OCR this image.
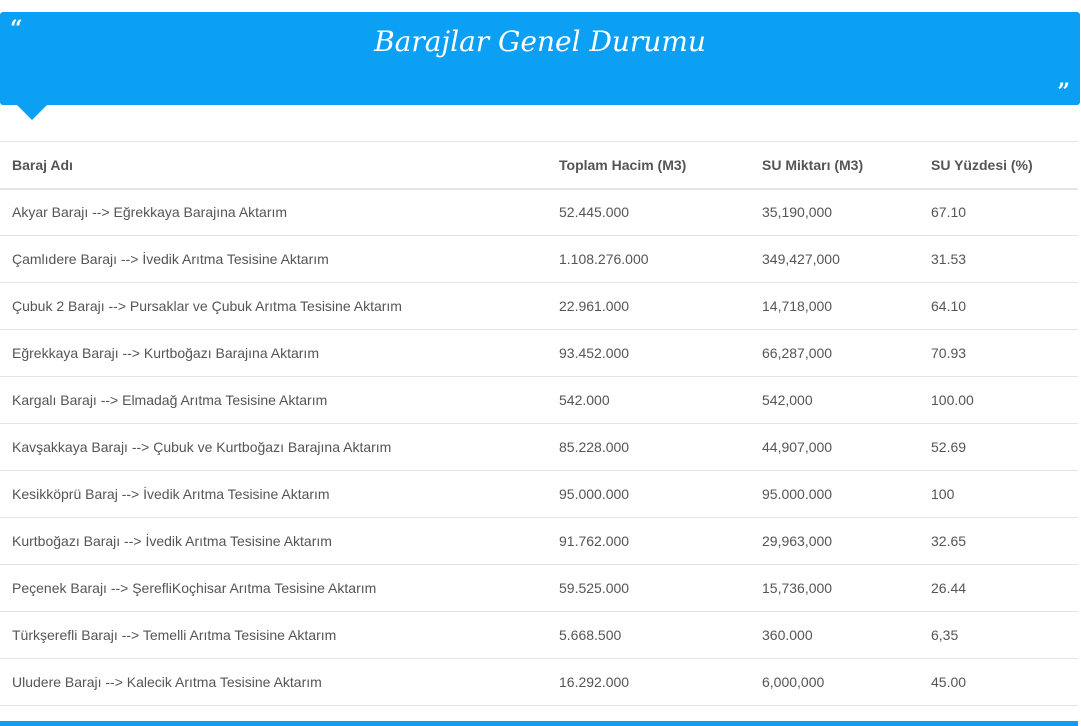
“	Barajlar Genel Durumu
”
Baraj Adı	Toplam Hacim (M3)	SU Miktarı (M3)	SU Yüzdesi (%)
Akyar Barajı --> Eğrekkaya Barajına Aktarım	52.445.000	35,190,000	67.10
Çamlıdere Barajı --> İvedik Arıtma Tesisine Aktarım	1.108.276.000	349,427,000	31.53
Çubuk 2 Barajı --> Pursaklar ve Çubuk Arıtma Tesisine Aktarım	22.961.000	14,718,000	64.10
Eğrekkaya Barajı --> Kurtboğazı Barajına Aktarım	93.452.000	66,287,000	70.93
Kargalı Barajı --> Elmadağ Arıtma Tesisine Aktarım	542.000	542,000	100.00
Kavşakkaya Barajı --> Çubuk ve Kurtboğazı Barajına Aktarım	85.228.000	44,907,000	52.69
Kesikköprü Baraj --> İvedik Arıtma Tesisine Aktarım	95.000.000	95.000.000	100
Kurtboğazı Barajı --> İvedik Arıtma Tesisine Aktarım	91.762.000	29,963,000	32.65
Peçenek Barajı --> ŞerefliKoçhisar Arıtma Tesisine Aktarım	59.525.000	15,736,000	26.44
Türkşerefli Barajı --> Temelli Arıtma Tesisine Aktarım	5.668.500	360.000	6,35
Uludere Barajı --> Kalecik Arıtma Tesisine Aktarım	16.292.000	6,000,000	45.00
